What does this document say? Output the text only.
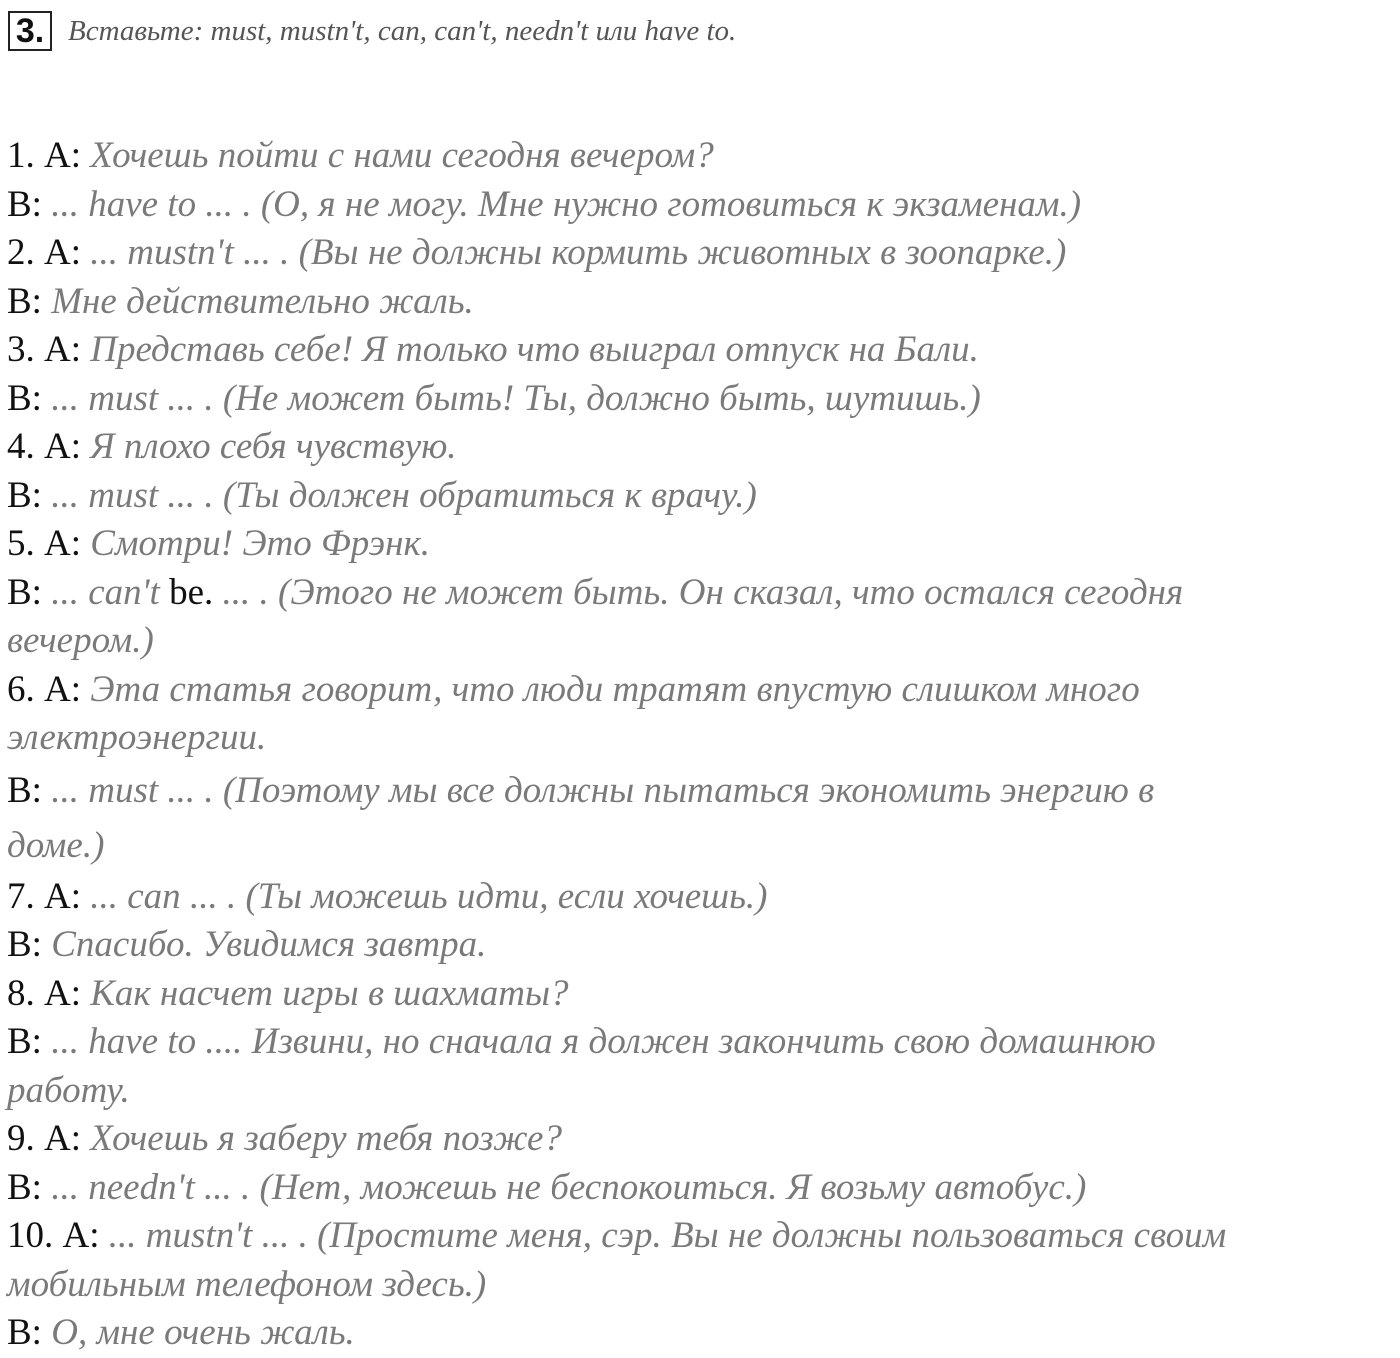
3. Вставьте: must, mustn't, can, can't, needn't или have to.
1. А: Хочешь пойти с нами сегодня вечером?
В: ... have to ... . (О, я не могу. Мне нужно готовиться к экзаменам.)
2. А: ... mustn't ... . (Вы не должны кормить животных в зоопарке.)
В: Мне действительно жаль.
3. А: Представь себе! Я только что выиграл отпуск на Бали.
В: ... must ... . (Не может быть! Ты, должно быть, шутишь.)
4. А: Я плохо себя чувствую.
В: ... must ... . (Ты должен обратиться к врачу.)
5. А: Смотри! Это Фрэнк.
В: ... can't be. ... . (Этого не может быть. Он сказал, что остался сегодня
вечером.)
6. А: Эта статья говорит, что люди тратят впустую слишком много
электроэнергии.
В: ... must ... . (Поэтому мы все должны пытаться экономить энергию в
доме.)
7. А: ... can ... . (Ты можешь идти, если хочешь.)
В: Спасибо. Увидимся завтра.
8. А: Как насчет игры в шахматы?
В: ... have to .... Извини, но сначала я должен закончить свою домашнюю
работу.
9. А: Хочешь я заберу тебя позже?
В: ... needn't ... . (Нет, можешь не беспокоиться. Я возьму автобус.)
10. А: ... mustn't ... . (Простите меня, сэр. Вы не должны пользоваться своим
мобильным телефоном здесь.)
В: О, мне очень жаль.
